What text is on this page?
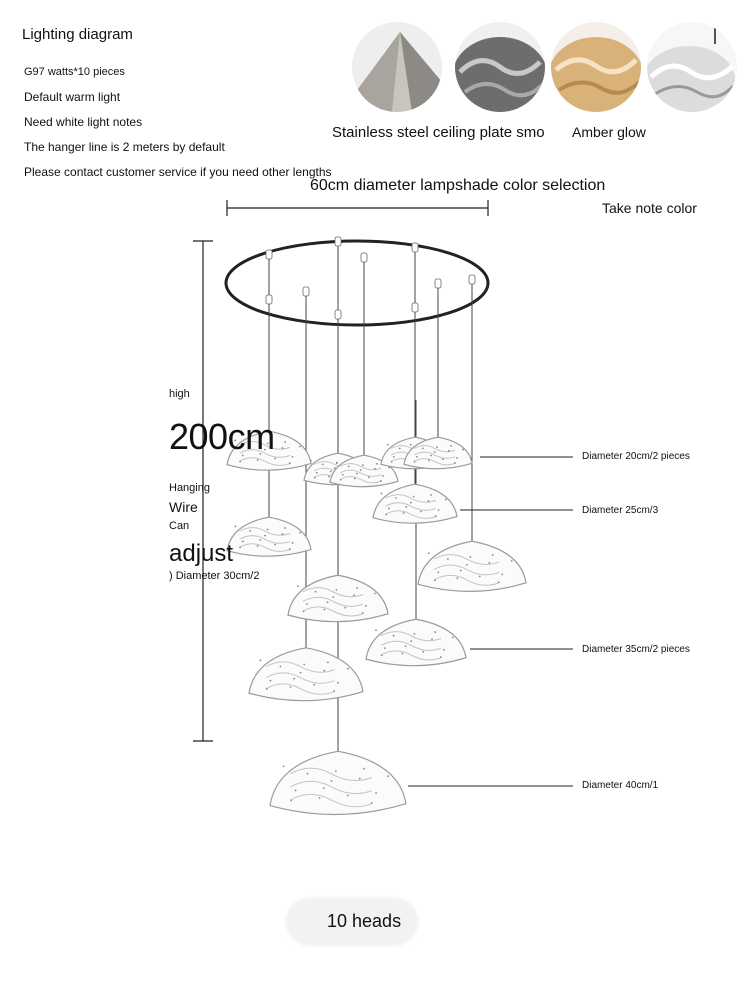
Lighting diagram
G97 watts*10 pieces
Default warm light
Need white light notes
The hanger line is 2 meters by default
Please contact customer service if you need other lengths
Stainless steel ceiling plate smo Amber glow
60cm diameter lampshade color selection
Take note color
high
200cm
Hanging
Wire
Can
adjust
) Diameter 30cm/2
Diameter 20cm/2 pieces
Diameter 25cm/3
Diameter 35cm/2 pieces
Diameter 40cm/1
10 heads
